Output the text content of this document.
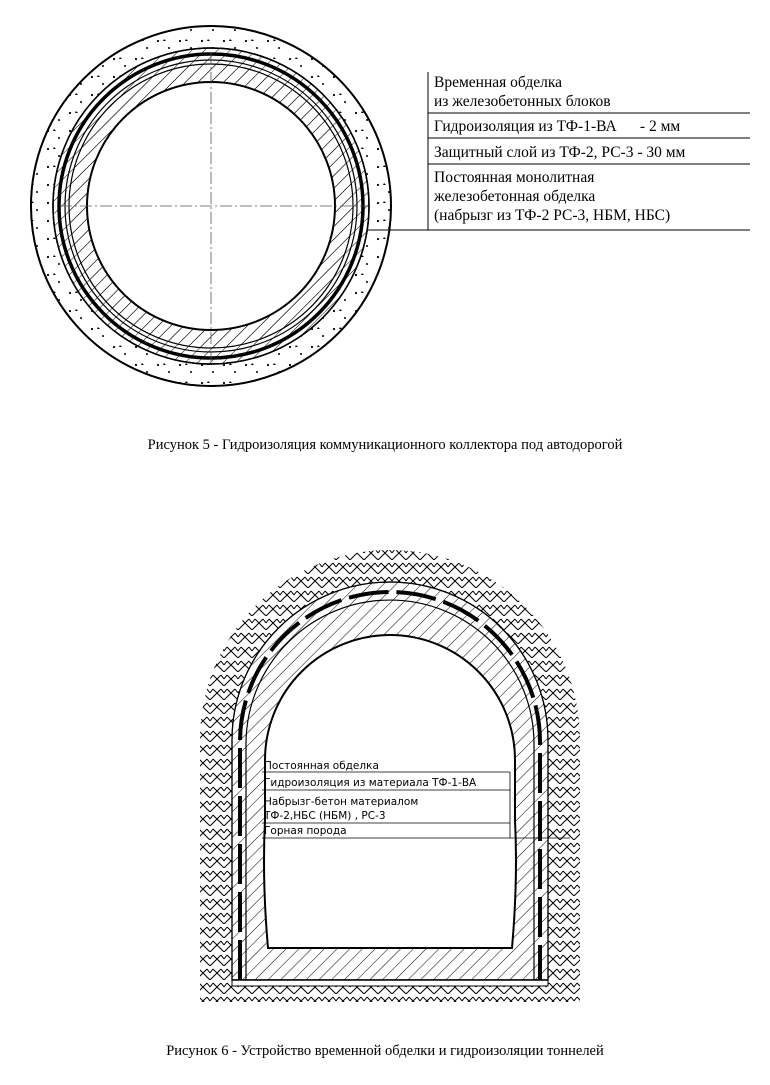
Временная обделка
из железобетонных блоков
Гидроизоляция из ТФ-1-ВА      - 2 мм
Защитный слой из ТФ-2, РС-3 - 30 мм
Постоянная монолитная
железобетонная обделка
(набрызг из ТФ-2 РС-3, НБМ, НБС)
Постоянная обделка
Гидроизоляция из материала ТФ-1-ВА
Набрызг-бетон материалом
ТФ-2,НБС (НБМ) , РС-3
Горная порода
Рисунок 5 - Гидроизоляция коммуникационного коллектора под автодорогой
Рисунок 6 - Устройство временной обделки и гидроизоляции тоннелей
